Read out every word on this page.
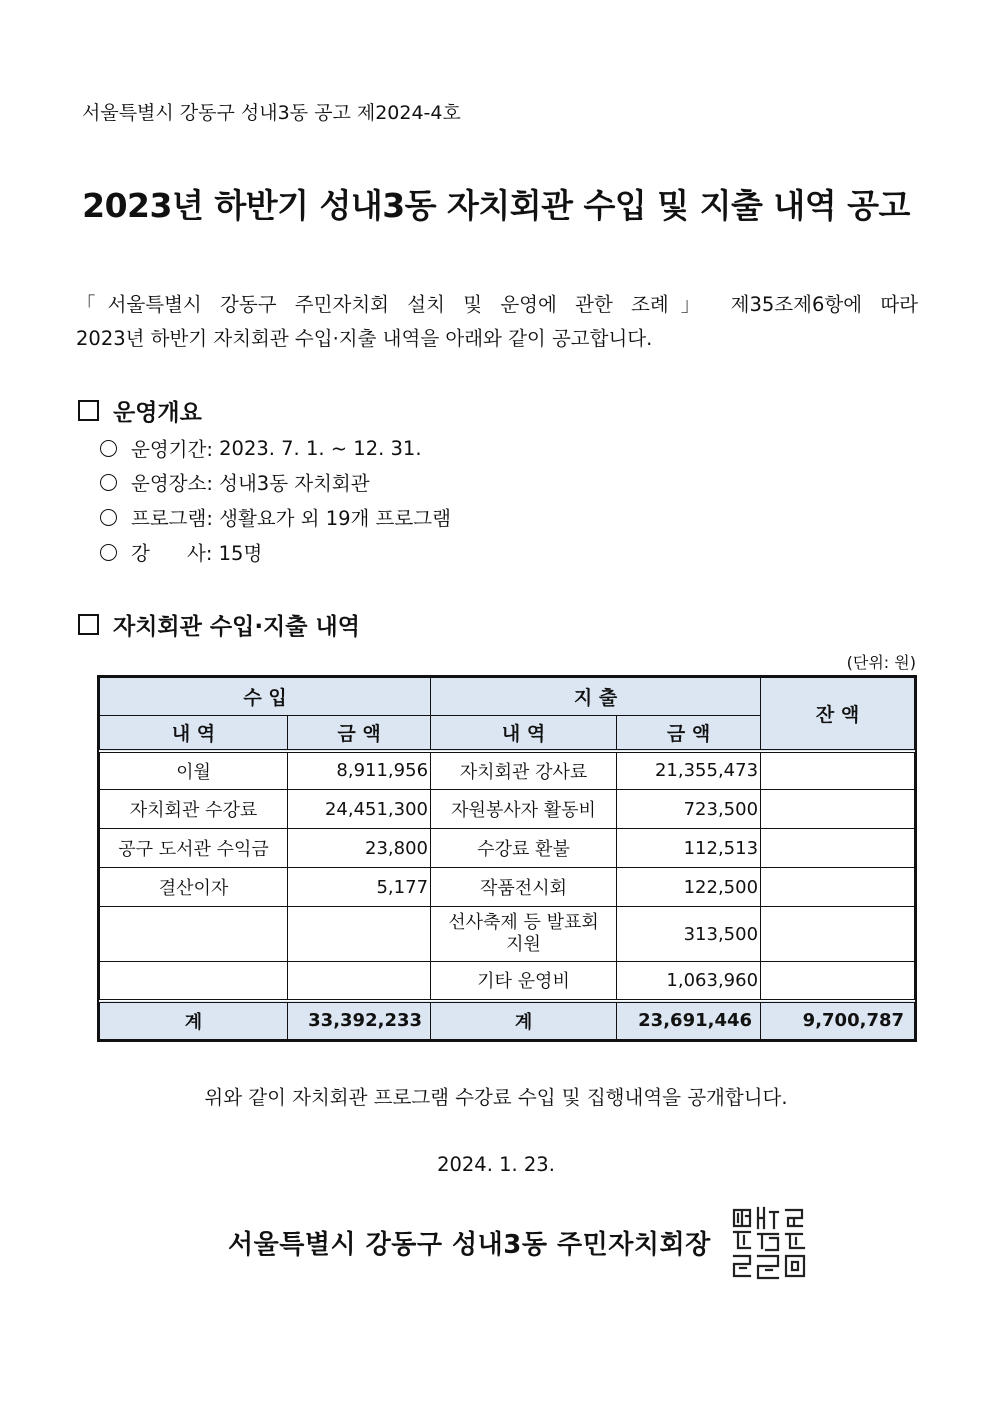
서울특별시 강동구 성내3동 공고 제2024-4호
2023년 하반기 성내3동 자치회관 수입 및 지출 내역 공고
「서울특별시 강동구 주민자치회 설치 및 운영에 관한 조례」 제35조제6항에 따라
2023년 하반기 자치회관 수입·지출 내역을 아래와 같이 공고합니다.
운영개요
운영기간:
2023. 7. 1. ~ 12. 31.
운영장소:
성내3동 자치회관
프로그램:
생활요가 외 19개 프로그램
강      사:
15명
자치회관 수입·지출 내역
(단위: 원)
수 입		지 출		잔 액
내 역	금 액	내 역	금 액	
이월	8,911,956	자치회관 강사료	21,355,473	
자치회관 수강료	24,451,300	자원봉사자 활동비	723,500	
공구 도서관 수익금	23,800	수강료 환불	112,513	
결산이자	5,177	작품전시회	122,500	
		선사축제 등 발표회 지원	313,500	
		기타 운영비	1,063,960	
계	33,392,233	계	23,691,446	9,700,787
위와 같이 자치회관 프로그램 수강료 수입 및 집행내역을 공개합니다.
2024. 1. 23.
서울특별시 강동구 성내3동 주민자치회장
